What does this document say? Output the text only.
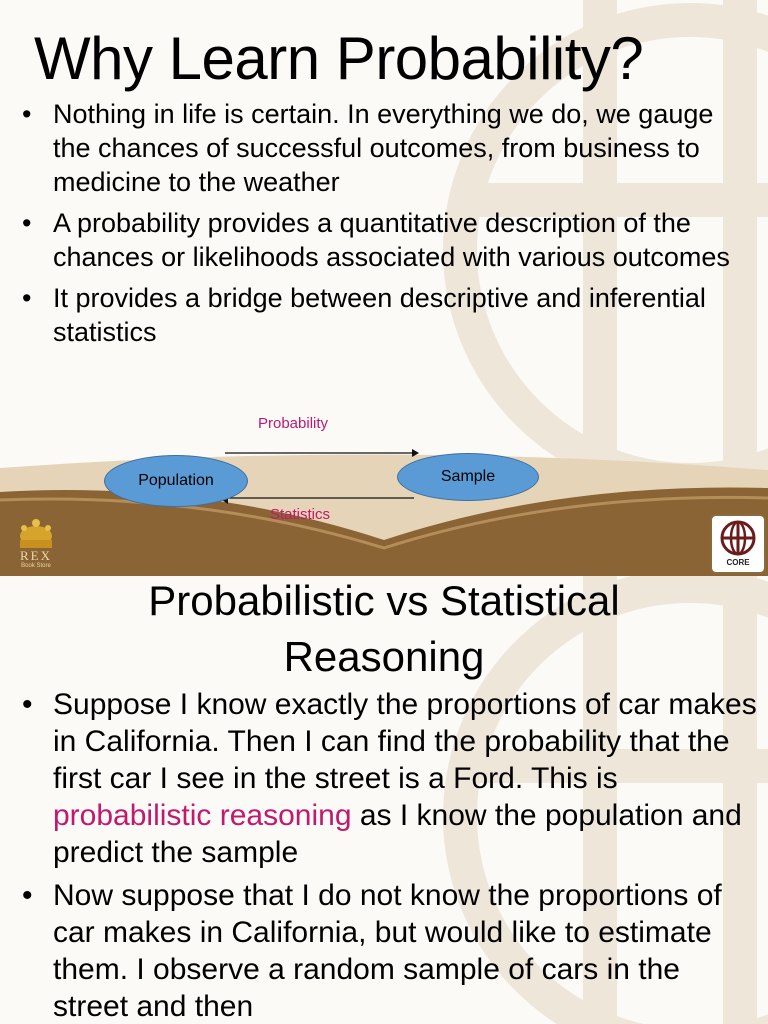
Why Learn Probability?
• Nothing in life is certain. In everything we do, we gauge the chances of successful outcomes, from business to medicine to the weather
• A probability provides a quantitative description of the chances or likelihoods associated with various outcomes
• It provides a bridge between descriptive and inferential statistics
Probability
Statistics
Population	Sample
REX
Book Store	CORE
Probabilistic vs Statistical
Reasoning
• Suppose I know exactly the proportions of car makes in California. Then I can find the probability that the first car I see in the street is a Ford. This is probabilistic reasoning as I know the population and predict the sample
• Now suppose that I do not know the proportions of car makes in California, but would like to estimate them. I observe a random sample of cars in the street and then
